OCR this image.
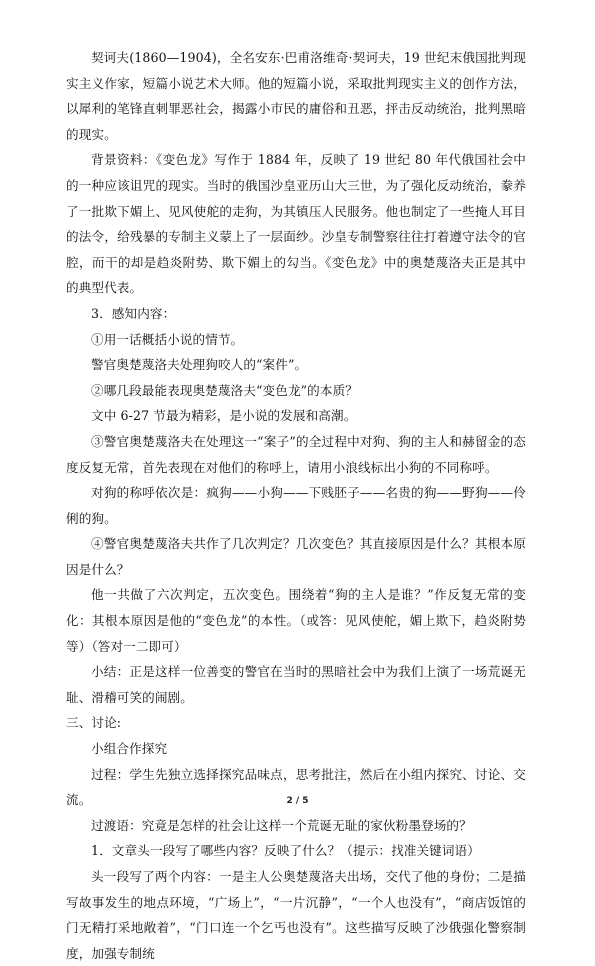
契诃夫(1860—1904)，全名安东·巴甫洛维奇·契诃夫，19 世纪末俄国批判现实主义作家，短篇小说艺术大师。他的短篇小说，采取批判现实主义的创作方法，以犀利的笔锋直刺罪恶社会，揭露小市民的庸俗和丑恶，抨击反动统治，批判黑暗的现实。

背景资料：《变色龙》写作于 1884 年，反映了 19 世纪 80 年代俄国社会中的一种应该诅咒的现实。当时的俄国沙皇亚历山大三世，为了强化反动统治，豢养了一批欺下媚上、见风使舵的走狗，为其镇压人民服务。他也制定了一些掩人耳目的法令，给残暴的专制主义蒙上了一层面纱。沙皇专制警察往往打着遵守法令的官腔，而干的却是趋炎附势、欺下媚上的勾当。《变色龙》中的奥楚蔑洛夫正是其中的典型代表。

3．感知内容：

①用一话概括小说的情节。

警官奥楚蔑洛夫处理狗咬人的“案件”。

②哪几段最能表现奥楚蔑洛夫“变色龙”的本质？

文中 6-27 节最为精彩，是小说的发展和高潮。

③警官奥楚蔑洛夫在处理这一“案子”的全过程中对狗、狗的主人和赫留金的态度反复无常，首先表现在对他们的称呼上，请用小浪线标出小狗的不同称呼。

对狗的称呼依次是：疯狗——小狗——下贱胚子——名贵的狗——野狗——伶俐的狗。

④警官奥楚蔑洛夫共作了几次判定？几次变色？其直接原因是什么？其根本原因是什么？

他一共做了六次判定，五次变色。围绕着“狗的主人是谁？”作反复无常的变化：其根本原因是他的“变色龙”的本性。（或答：见风使舵，媚上欺下，趋炎附势等）（答对一二即可）

小结：正是这样一位善变的警官在当时的黑暗社会中为我们上演了一场荒诞无耻、滑稽可笑的闹剧。

三、讨论:

小组合作探究

过程：学生先独立选择探究品味点，思考批注，然后在小组内探究、讨论、交流。

过渡语：究竟是怎样的社会让这样一个荒诞无耻的家伙粉墨登场的？

1．文章头一段写了哪些内容？反映了什么？（提示：找准关键词语）

头一段写了两个内容：一是主人公奥楚蔑洛夫出场，交代了他的身份；二是描写故事发生的地点环境，“广场上”，“一片沉静”，“一个人也没有”，“商店饭馆的门无精打采地敞着”，“门口连一个乞丐也没有”。这些描写反映了沙俄强化警察制度，加强专制统

2 / 5
